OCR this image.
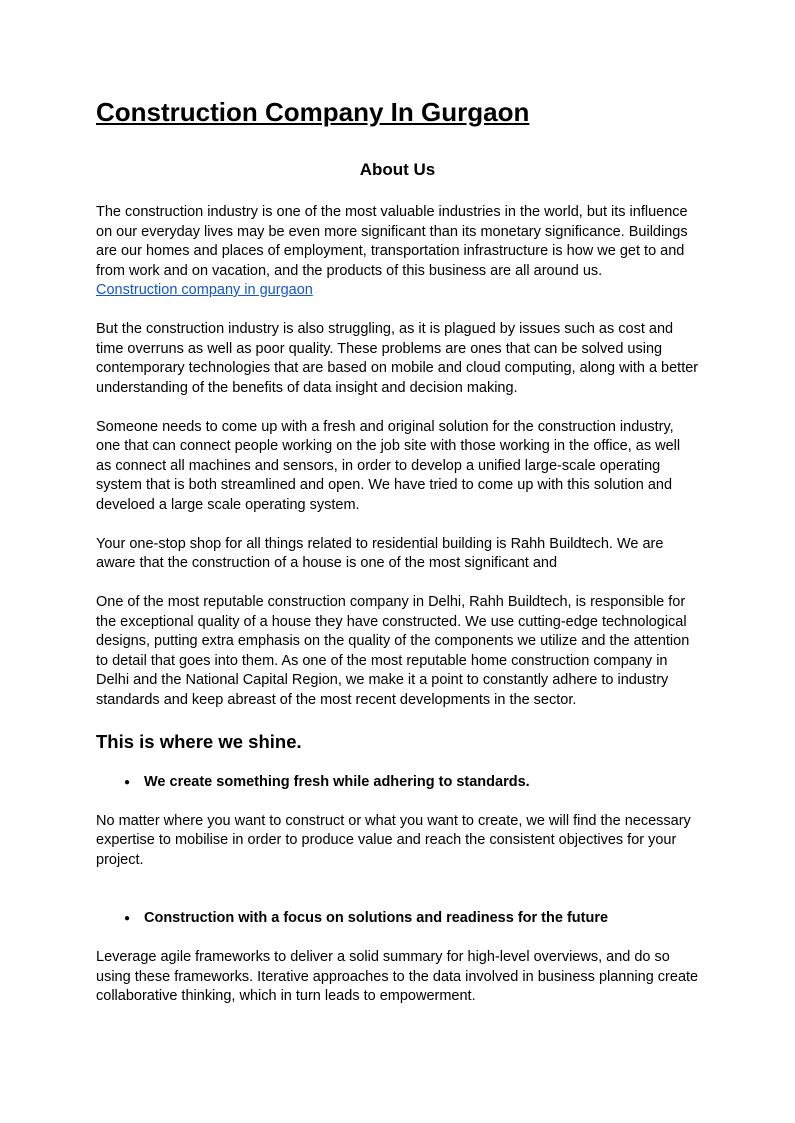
Construction Company In Gurgaon
About Us

The construction industry is one of the most valuable industries in the world, but its influence on our everyday lives may be even more significant than its monetary significance. Buildings are our homes and places of employment, transportation infrastructure is how we get to and from work and on vacation, and the products of this business are all around us.

Construction company in gurgaon

But the construction industry is also struggling, as it is plagued by issues such as cost and time overruns as well as poor quality. These problems are ones that can be solved using contemporary technologies that are based on mobile and cloud computing, along with a better understanding of the benefits of data insight and decision making.

Someone needs to come up with a fresh and original solution for the construction industry, one that can connect people working on the job site with those working in the office, as well as connect all machines and sensors, in order to develop a unified large-scale operating system that is both streamlined and open. We have tried to come up with this solution and develoed a large scale operating system.

Your one-stop shop for all things related to residential building is Rahh Buildtech. We are aware that the construction of a house is one of the most significant and

One of the most reputable construction company in Delhi, Rahh Buildtech, is responsible for the exceptional quality of a house they have constructed. We use cutting-edge technological designs, putting extra emphasis on the quality of the components we utilize and the attention to detail that goes into them. As one of the most reputable home construction company in Delhi and the National Capital Region, we make it a point to constantly adhere to industry standards and keep abreast of the most recent developments in the sector.

This is where we shine.
● We create something fresh while adhering to standards.

No matter where you want to construct or what you want to create, we will find the necessary expertise to mobilise in order to produce value and reach the consistent objectives for your project.

● Construction with a focus on solutions and readiness for the future

Leverage agile frameworks to deliver a solid summary for high-level overviews, and do so using these frameworks. Iterative approaches to the data involved in business planning create collaborative thinking, which in turn leads to empowerment.
